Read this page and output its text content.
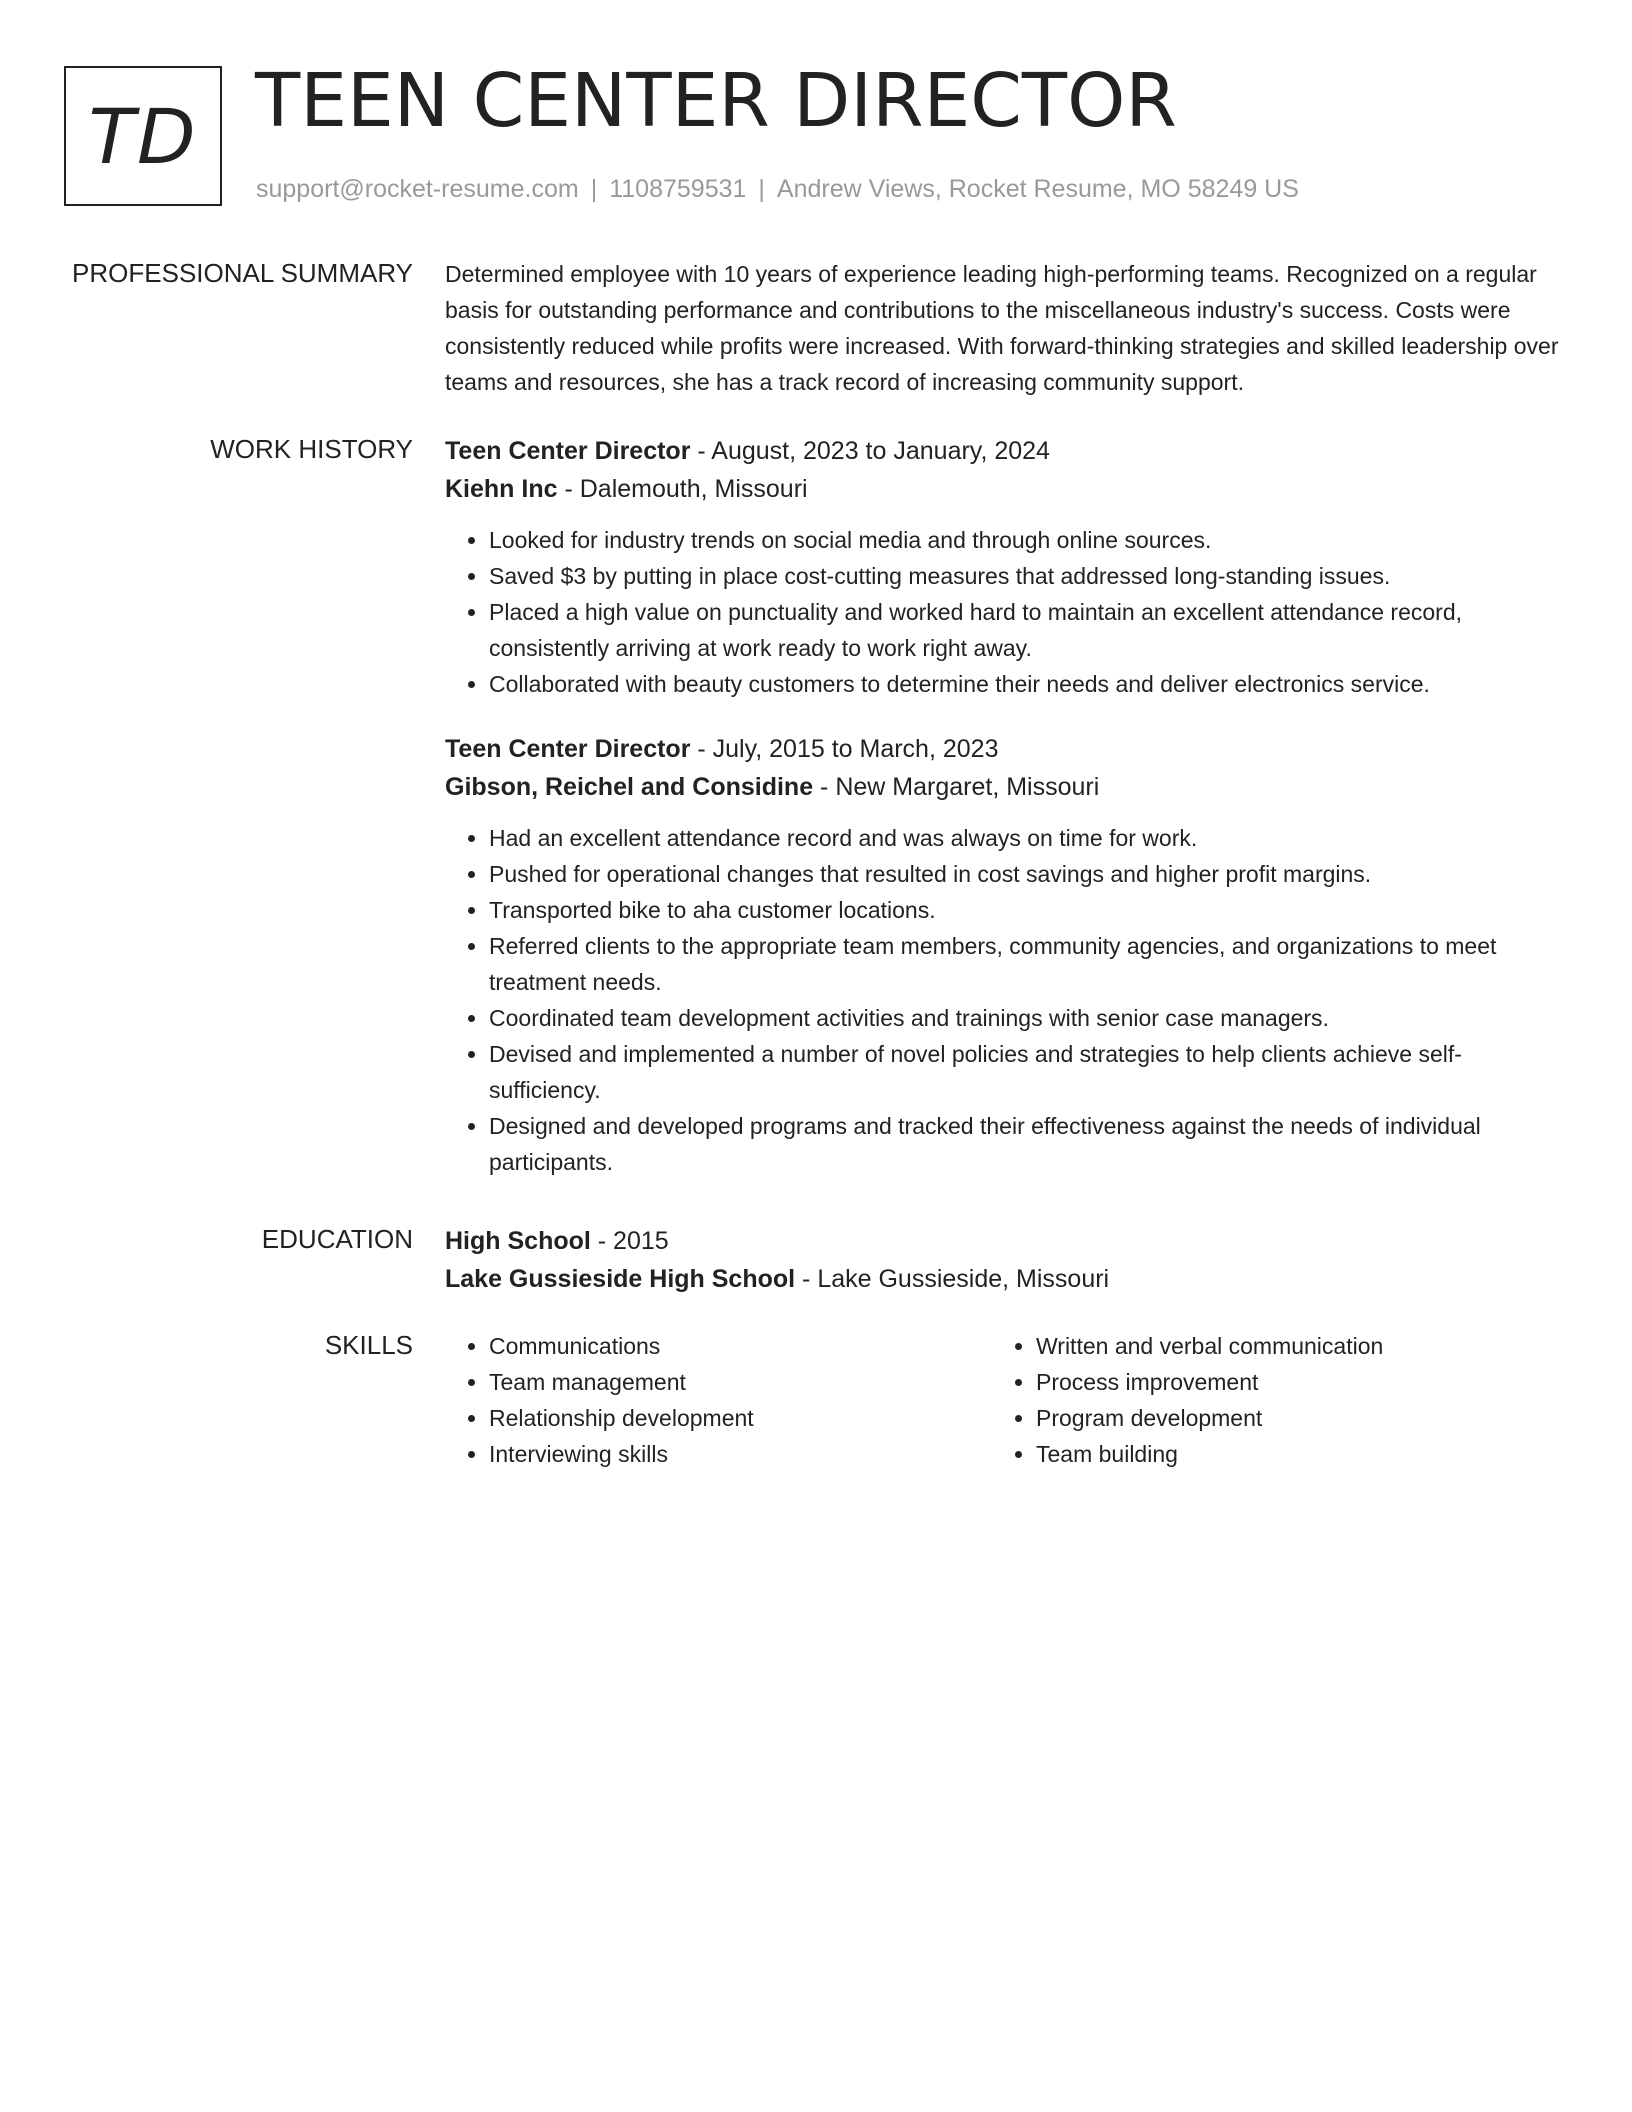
TD TEEN CENTER DIRECTOR
support@rocket-resume.com | 1108759531 | Andrew Views, Rocket Resume, MO 58249 US
PROFESSIONAL SUMMARY Determined employee with 10 years of experience leading high-performing teams. Recognized on a regular basis for outstanding performance and contributions to the miscellaneous industry's success. Costs were consistently reduced while profits were increased. With forward-thinking strategies and skilled leadership over teams and resources, she has a track record of increasing community support.

WORK HISTORY Teen Center Director - August, 2023 to January, 2024
Kiehn Inc - Dalemouth, Missouri
• Looked for industry trends on social media and through online sources.
• Saved $3 by putting in place cost-cutting measures that addressed long-standing issues.
• Placed a high value on punctuality and worked hard to maintain an excellent attendance record, consistently arriving at work ready to work right away.
• Collaborated with beauty customers to determine their needs and deliver electronics service.
Teen Center Director - July, 2015 to March, 2023
Gibson, Reichel and Considine - New Margaret, Missouri
• Had an excellent attendance record and was always on time for work.
• Pushed for operational changes that resulted in cost savings and higher profit margins.
• Transported bike to aha customer locations.
• Referred clients to the appropriate team members, community agencies, and organizations to meet treatment needs.
• Coordinated team development activities and trainings with senior case managers.
• Devised and implemented a number of novel policies and strategies to help clients achieve self-sufficiency.
• Designed and developed programs and tracked their effectiveness against the needs of individual participants.
EDUCATION High School - 2015
Lake Gussieside High School - Lake Gussieside, Missouri
SKILLS
•	Communications
• Team management
• Relationship development
• Interviewing skills
• Written and verbal communication
• Process improvement
• Program development
• Team building
